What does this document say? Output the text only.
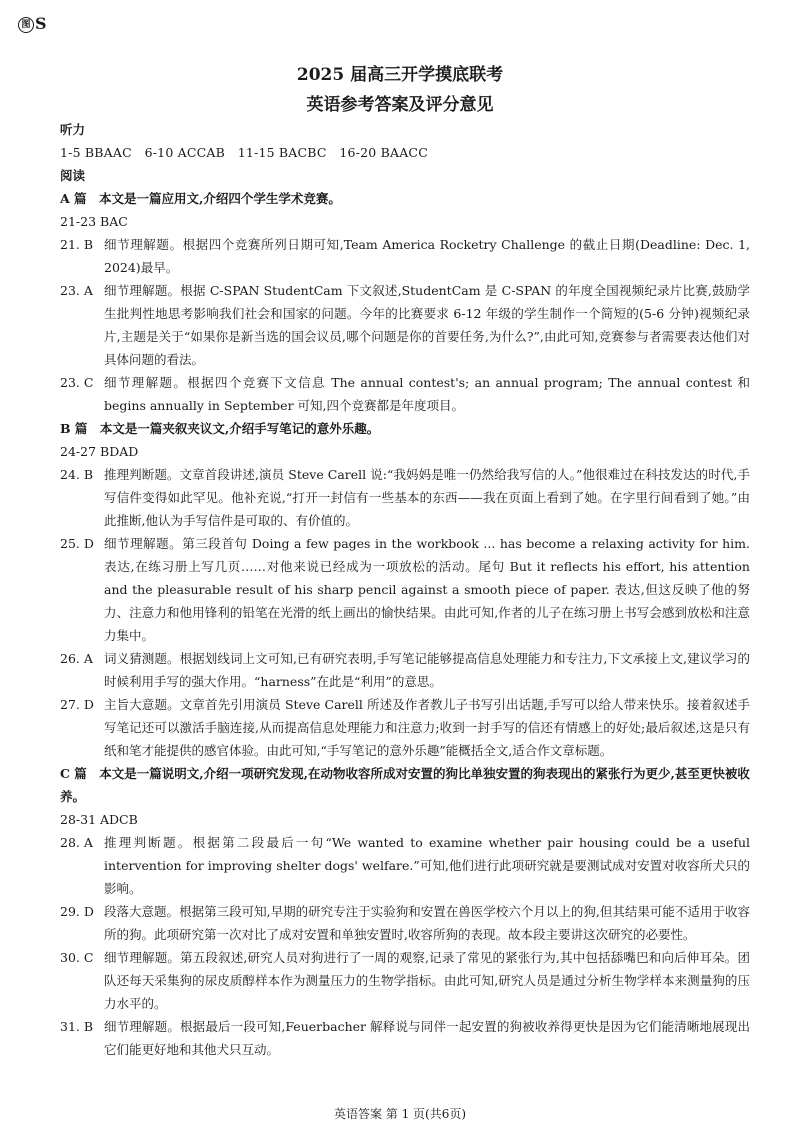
图 S
2025 届高三开学摸底联考
英语参考答案及评分意见
听力
1-5 BBAAC　6-10 ACCAB　11-15 BACBC　16-20 BAACC
阅读
A 篇　本文是一篇应用文,介绍四个学生学术竞赛。
21-23 BAC
21. B 细节理解题。根据四个竞赛所列日期可知,Team America Rocketry Challenge 的截止日期(Deadline: Dec. 1, 2024)最早。
23. A 细节理解题。根据 C-SPAN StudentCam 下文叙述,StudentCam 是 C-SPAN 的年度全国视频纪录片比赛,鼓励学生批判性地思考影响我们社会和国家的问题。今年的比赛要求 6-12 年级的学生制作一个简短的(5-6 分钟)视频纪录片,主题是关于“如果你是新当选的国会议员,哪个问题是你的首要任务,为什么?”,由此可知,竞赛参与者需要表达他们对具体问题的看法。
23. C 细节理解题。根据四个竞赛下文信息 The annual contest's; an annual program; The annual contest 和 begins annually in September 可知,四个竞赛都是年度项目。
B 篇　本文是一篇夹叙夹议文,介绍手写笔记的意外乐趣。
24-27 BDAD
24. B 推理判断题。文章首段讲述,演员 Steve Carell 说:“我妈妈是唯一仍然给我写信的人。”他很难过在科技发达的时代,手写信件变得如此罕见。他补充说,“打开一封信有一些基本的东西——我在页面上看到了她。在字里行间看到了她。”由此推断,他认为手写信件是可取的、有价值的。
25. D 细节理解题。第三段首句 Doing a few pages in the workbook ... has become a relaxing activity for him. 表达,在练习册上写几页……对他来说已经成为一项放松的活动。尾句 But it reflects his effort, his attention and the pleasurable result of his sharp pencil against a smooth piece of paper. 表达,但这反映了他的努力、注意力和他用锋利的铅笔在光滑的纸上画出的愉快结果。由此可知,作者的儿子在练习册上书写会感到放松和注意力集中。
26. A 词义猜测题。根据划线词上文可知,已有研究表明,手写笔记能够提高信息处理能力和专注力,下文承接上文,建议学习的时候利用手写的强大作用。“harness”在此是“利用”的意思。
27. D 主旨大意题。文章首先引用演员 Steve Carell 所述及作者教儿子书写引出话题,手写可以给人带来快乐。接着叙述手写笔记还可以激活手脑连接,从而提高信息处理能力和注意力;收到一封手写的信还有情感上的好处;最后叙述,这是只有纸和笔才能提供的感官体验。由此可知,“手写笔记的意外乐趣”能概括全文,适合作文章标题。
C 篇　本文是一篇说明文,介绍一项研究发现,在动物收容所成对安置的狗比单独安置的狗表现出的紧张行为更少,甚至更快被收养。
28-31 ADCB
28. A 推理判断题。根据第二段最后一句“We wanted to examine whether pair housing could be a useful intervention for improving shelter dogs' welfare.”可知,他们进行此项研究就是要测试成对安置对收容所犬只的影响。
29. D 段落大意题。根据第三段可知,早期的研究专注于实验狗和安置在兽医学校六个月以上的狗,但其结果可能不适用于收容所的狗。此项研究第一次对比了成对安置和单独安置时,收容所狗的表现。故本段主要讲这次研究的必要性。
30. C 细节理解题。第五段叙述,研究人员对狗进行了一周的观察,记录了常见的紧张行为,其中包括舔嘴巴和向后伸耳朵。团队还每天采集狗的尿皮质醇样本作为测量压力的生物学指标。由此可知,研究人员是通过分析生物学样本来测量狗的压力水平的。
31. B 细节理解题。根据最后一段可知,Feuerbacher 解释说与同伴一起安置的狗被收养得更快是因为它们能清晰地展现出它们能更好地和其他犬只互动。
英语答案 第 1 页(共6页)
